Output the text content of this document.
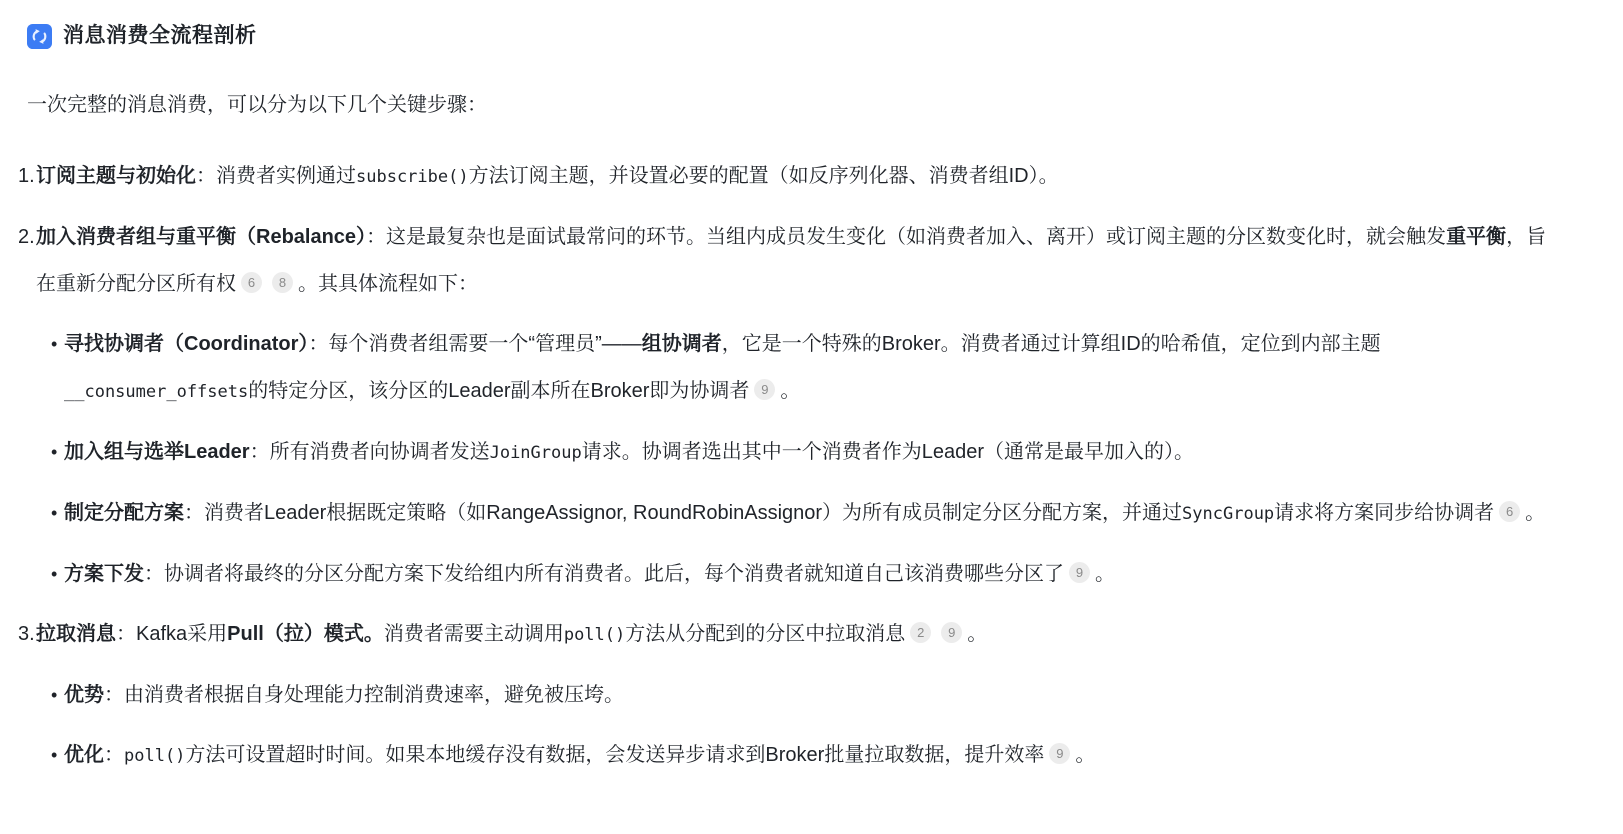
消息消费全流程剖析

一次完整的消息消费，可以分为以下几个关键步骤：

1.订阅主题与初始化：消费者实例通过subscribe()方法订阅主题，并设置必要的配置（如反序列化器、消费者组ID）。
2.加入消费者组与重平衡（Rebalance）：这是最复杂也是面试最常问的环节。当组内成员发生变化（如消费者加入、离开）或订阅主题的分区数变化时，就会触发重平衡，旨在重新分配分区所有权 6 8 。其具体流程如下：
• 寻找协调者（Coordinator）：每个消费者组需要一个“管理员”——组协调者，它是一个特殊的Broker。消费者通过计算组ID的哈希值，定位到内部主题__consumer_offsets的特定分区，该分区的Leader副本所在Broker即为协调者 9 。
• 加入组与选举Leader：所有消费者向协调者发送JoinGroup请求。协调者选出其中一个消费者作为Leader（通常是最早加入的）。
• 制定分配方案：消费者Leader根据既定策略（如RangeAssignor, RoundRobinAssignor）为所有成员制定分区分配方案，并通过SyncGroup请求将方案同步给协调者 6 。
• 方案下发：协调者将最终的分区分配方案下发给组内所有消费者。此后，每个消费者就知道自己该消费哪些分区了 9 。
3.拉取消息：Kafka采用Pull（拉）模式。消费者需要主动调用poll()方法从分配到的分区中拉取消息 2 9 。
• 优势：由消费者根据自身处理能力控制消费速率，避免被压垮。
• 优化：poll()方法可设置超时时间。如果本地缓存没有数据，会发送异步请求到Broker批量拉取数据，提升效率 9 。
